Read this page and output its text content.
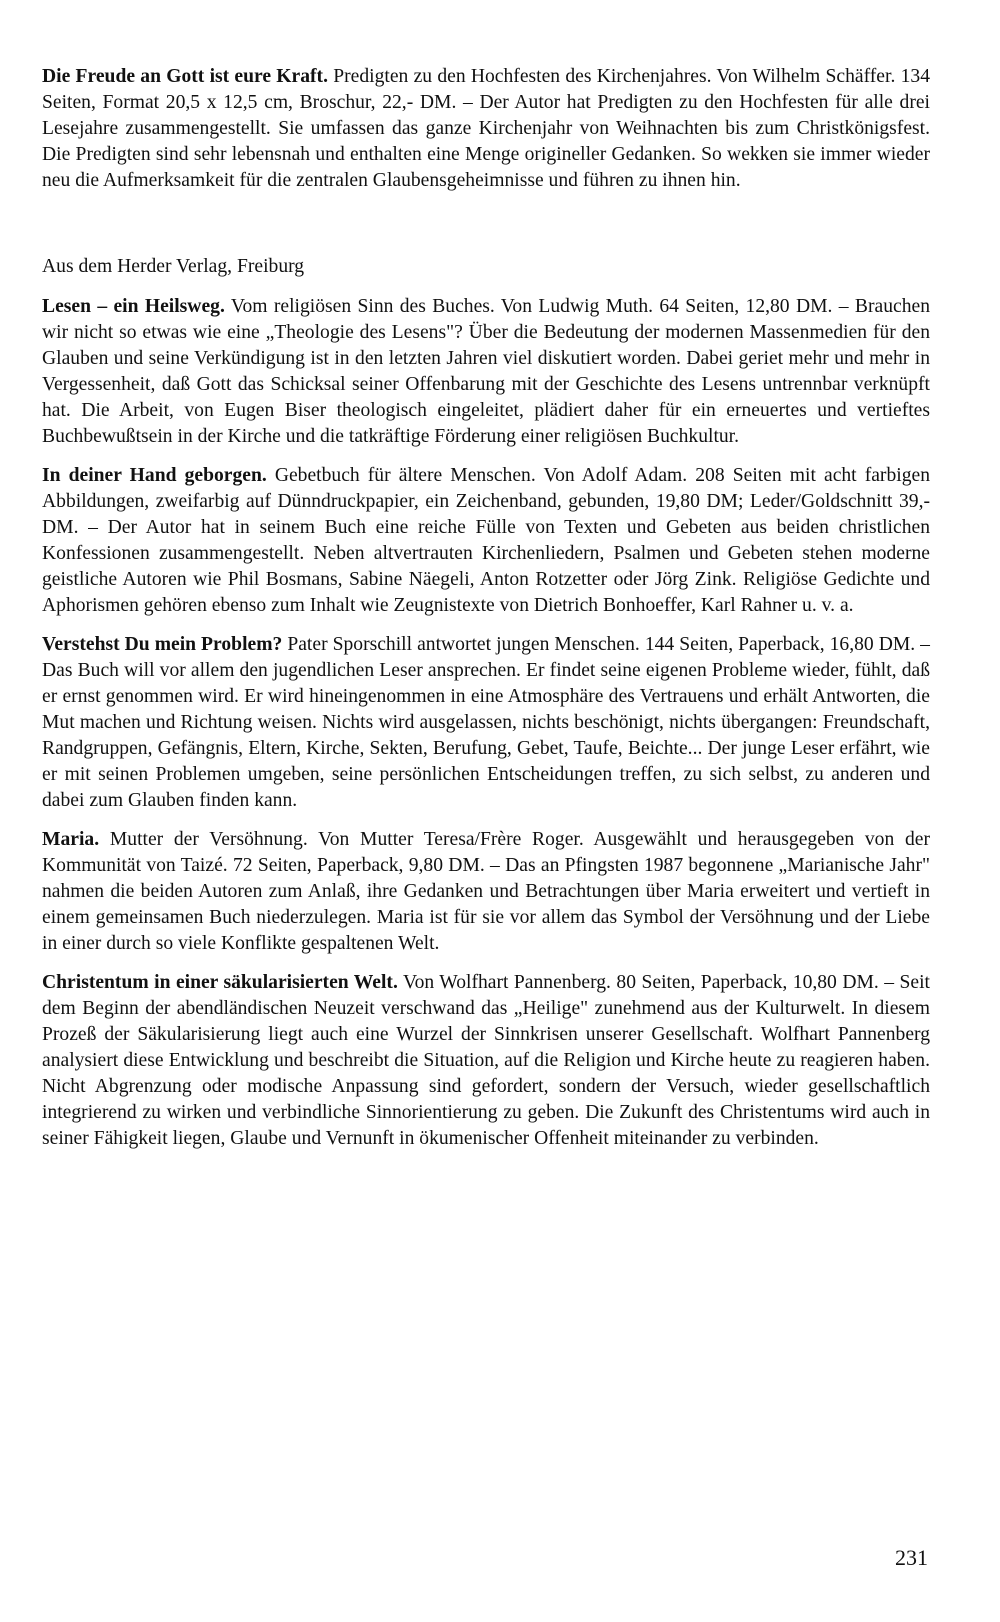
Die Freude an Gott ist eure Kraft. Predigten zu den Hochfesten des Kirchenjahres. Von Wilhelm Schäffer. 134 Seiten, Format 20,5 x 12,5 cm, Broschur, 22,- DM. – Der Autor hat Predigten zu den Hochfesten für alle drei Lesejahre zusammengestellt. Sie umfassen das ganze Kirchenjahr von Weihnachten bis zum Christkönigsfest. Die Predigten sind sehr lebensnah und enthalten eine Menge origineller Gedanken. So wekken sie immer wieder neu die Aufmerksamkeit für die zentralen Glaubensgeheimnisse und führen zu ihnen hin.

Aus dem Herder Verlag, Freiburg

Lesen – ein Heilsweg. Vom religiösen Sinn des Buches. Von Ludwig Muth. 64 Seiten, 12,80 DM. – Brauchen wir nicht so etwas wie eine „Theologie des Lesens"? Über die Bedeutung der modernen Massenmedien für den Glauben und seine Verkündigung ist in den letzten Jahren viel diskutiert worden. Dabei geriet mehr und mehr in Vergessenheit, daß Gott das Schicksal seiner Offenbarung mit der Geschichte des Lesens untrennbar verknüpft hat. Die Arbeit, von Eugen Biser theologisch eingeleitet, plädiert daher für ein erneuertes und vertieftes Buchbewußtsein in der Kirche und die tatkräftige Förderung einer religiösen Buchkultur.

In deiner Hand geborgen. Gebetbuch für ältere Menschen. Von Adolf Adam. 208 Seiten mit acht farbigen Abbildungen, zweifarbig auf Dünndruckpapier, ein Zeichenband, gebunden, 19,80 DM; Leder/Goldschnitt 39,- DM. – Der Autor hat in seinem Buch eine reiche Fülle von Texten und Gebeten aus beiden christlichen Konfessionen zusammengestellt. Neben altvertrauten Kirchenliedern, Psalmen und Gebeten stehen moderne geistliche Autoren wie Phil Bosmans, Sabine Näegeli, Anton Rotzetter oder Jörg Zink. Religiöse Gedichte und Aphorismen gehören ebenso zum Inhalt wie Zeugnistexte von Dietrich Bonhoeffer, Karl Rahner u. v. a.

Verstehst Du mein Problem? Pater Sporschill antwortet jungen Menschen. 144 Seiten, Paperback, 16,80 DM. – Das Buch will vor allem den jugendlichen Leser ansprechen. Er findet seine eigenen Probleme wieder, fühlt, daß er ernst genommen wird. Er wird hineingenommen in eine Atmosphäre des Vertrauens und erhält Antworten, die Mut machen und Richtung weisen. Nichts wird ausgelassen, nichts beschönigt, nichts übergangen: Freundschaft, Randgruppen, Gefängnis, Eltern, Kirche, Sekten, Berufung, Gebet, Taufe, Beichte... Der junge Leser erfährt, wie er mit seinen Problemen umgeben, seine persönlichen Entscheidungen treffen, zu sich selbst, zu anderen und dabei zum Glauben finden kann.

Maria. Mutter der Versöhnung. Von Mutter Teresa/Frère Roger. Ausgewählt und herausgegeben von der Kommunität von Taizé. 72 Seiten, Paperback, 9,80 DM. – Das an Pfingsten 1987 begonnene „Marianische Jahr" nahmen die beiden Autoren zum Anlaß, ihre Gedanken und Betrachtungen über Maria erweitert und vertieft in einem gemeinsamen Buch niederzulegen. Maria ist für sie vor allem das Symbol der Versöhnung und der Liebe in einer durch so viele Konflikte gespaltenen Welt.

Christentum in einer säkularisierten Welt. Von Wolfhart Pannenberg. 80 Seiten, Paperback, 10,80 DM. – Seit dem Beginn der abendländischen Neuzeit verschwand das „Heilige" zunehmend aus der Kulturwelt. In diesem Prozeß der Säkularisierung liegt auch eine Wurzel der Sinnkrisen unserer Gesellschaft. Wolfhart Pannenberg analysiert diese Entwicklung und beschreibt die Situation, auf die Religion und Kirche heute zu reagieren haben. Nicht Abgrenzung oder modische Anpassung sind gefordert, sondern der Versuch, wieder gesellschaftlich integrierend zu wirken und verbindliche Sinnorientierung zu geben. Die Zukunft des Christentums wird auch in seiner Fähigkeit liegen, Glaube und Vernunft in ökumenischer Offenheit miteinander zu verbinden.

231
